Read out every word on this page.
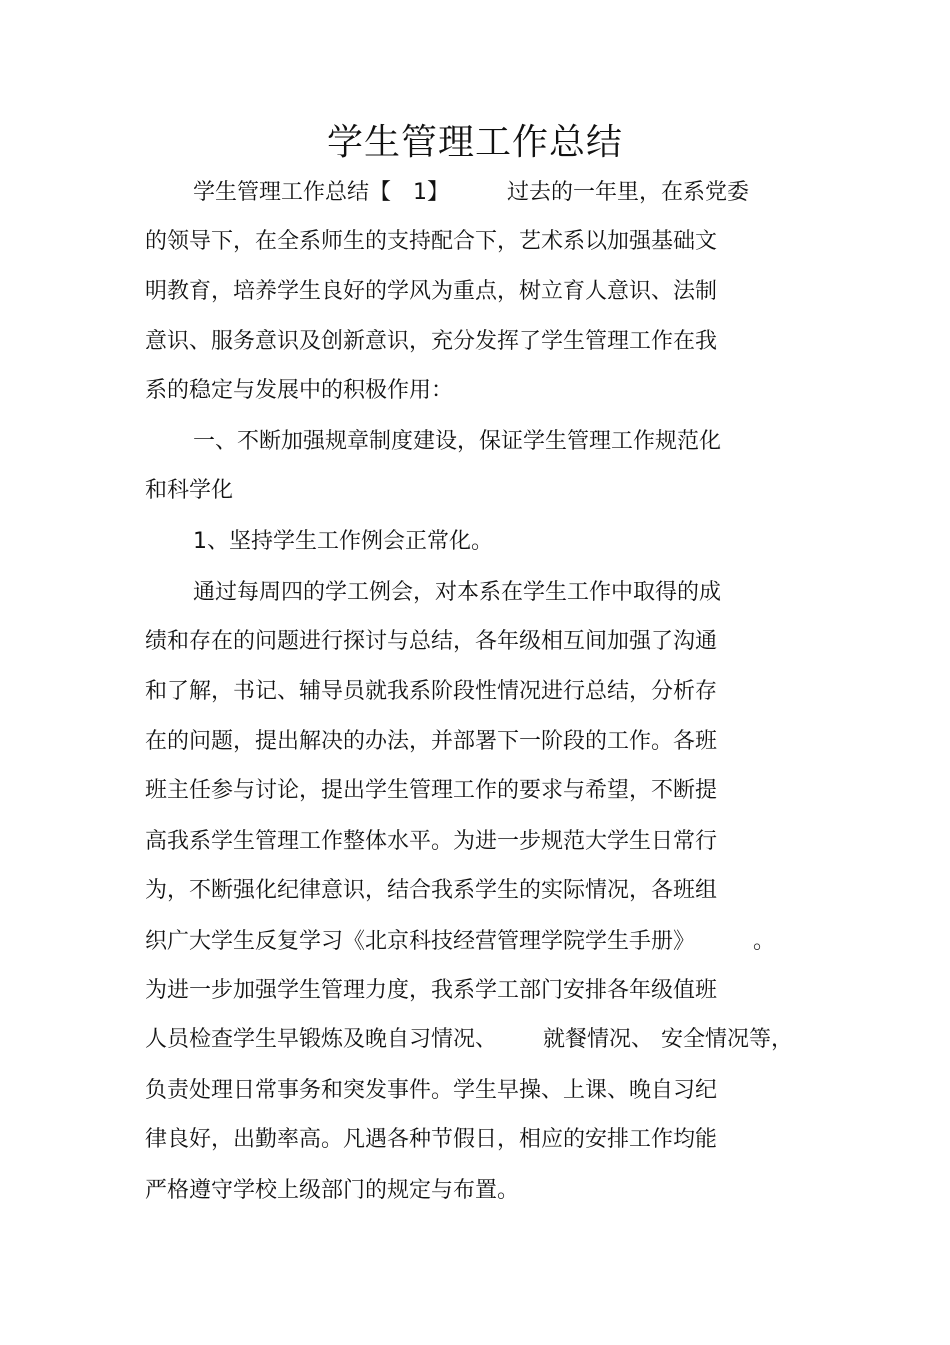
学生管理工作总结
学生管理工作总结【 1】	过去的一年里，在系党委
的领导下，在全系师生的支持配合下，艺术系以加强基础文
明教育，培养学生良好的学风为重点，树立育人意识、法制
意识、服务意识及创新意识，充分发挥了学生管理工作在我
系的稳定与发展中的积极作用：
一、不断加强规章制度建设，保证学生管理工作规范化
和科学化
1、坚持学生工作例会正常化。
通过每周四的学工例会，对本系在学生工作中取得的成
绩和存在的问题进行探讨与总结，各年级相互间加强了沟通
和了解，书记、辅导员就我系阶段性情况进行总结，分析存
在的问题，提出解决的办法，并部署下一阶段的工作。各班
班主任参与讨论，提出学生管理工作的要求与希望，不断提
高我系学生管理工作整体水平。为进一步规范大学生日常行
为，不断强化纪律意识，结合我系学生的实际情况，各班组
织广大学生反复学习《北京科技经营管理学院学生手册》	。
为进一步加强学生管理力度，我系学工部门安排各年级值班
人员检查学生早锻炼及晚自习情况、 就餐情况、 安全情况等，
负责处理日常事务和突发事件。学生早操、上课、晚自习纪
律良好，出勤率高。凡遇各种节假日，相应的安排工作均能
严格遵守学校上级部门的规定与布置。
